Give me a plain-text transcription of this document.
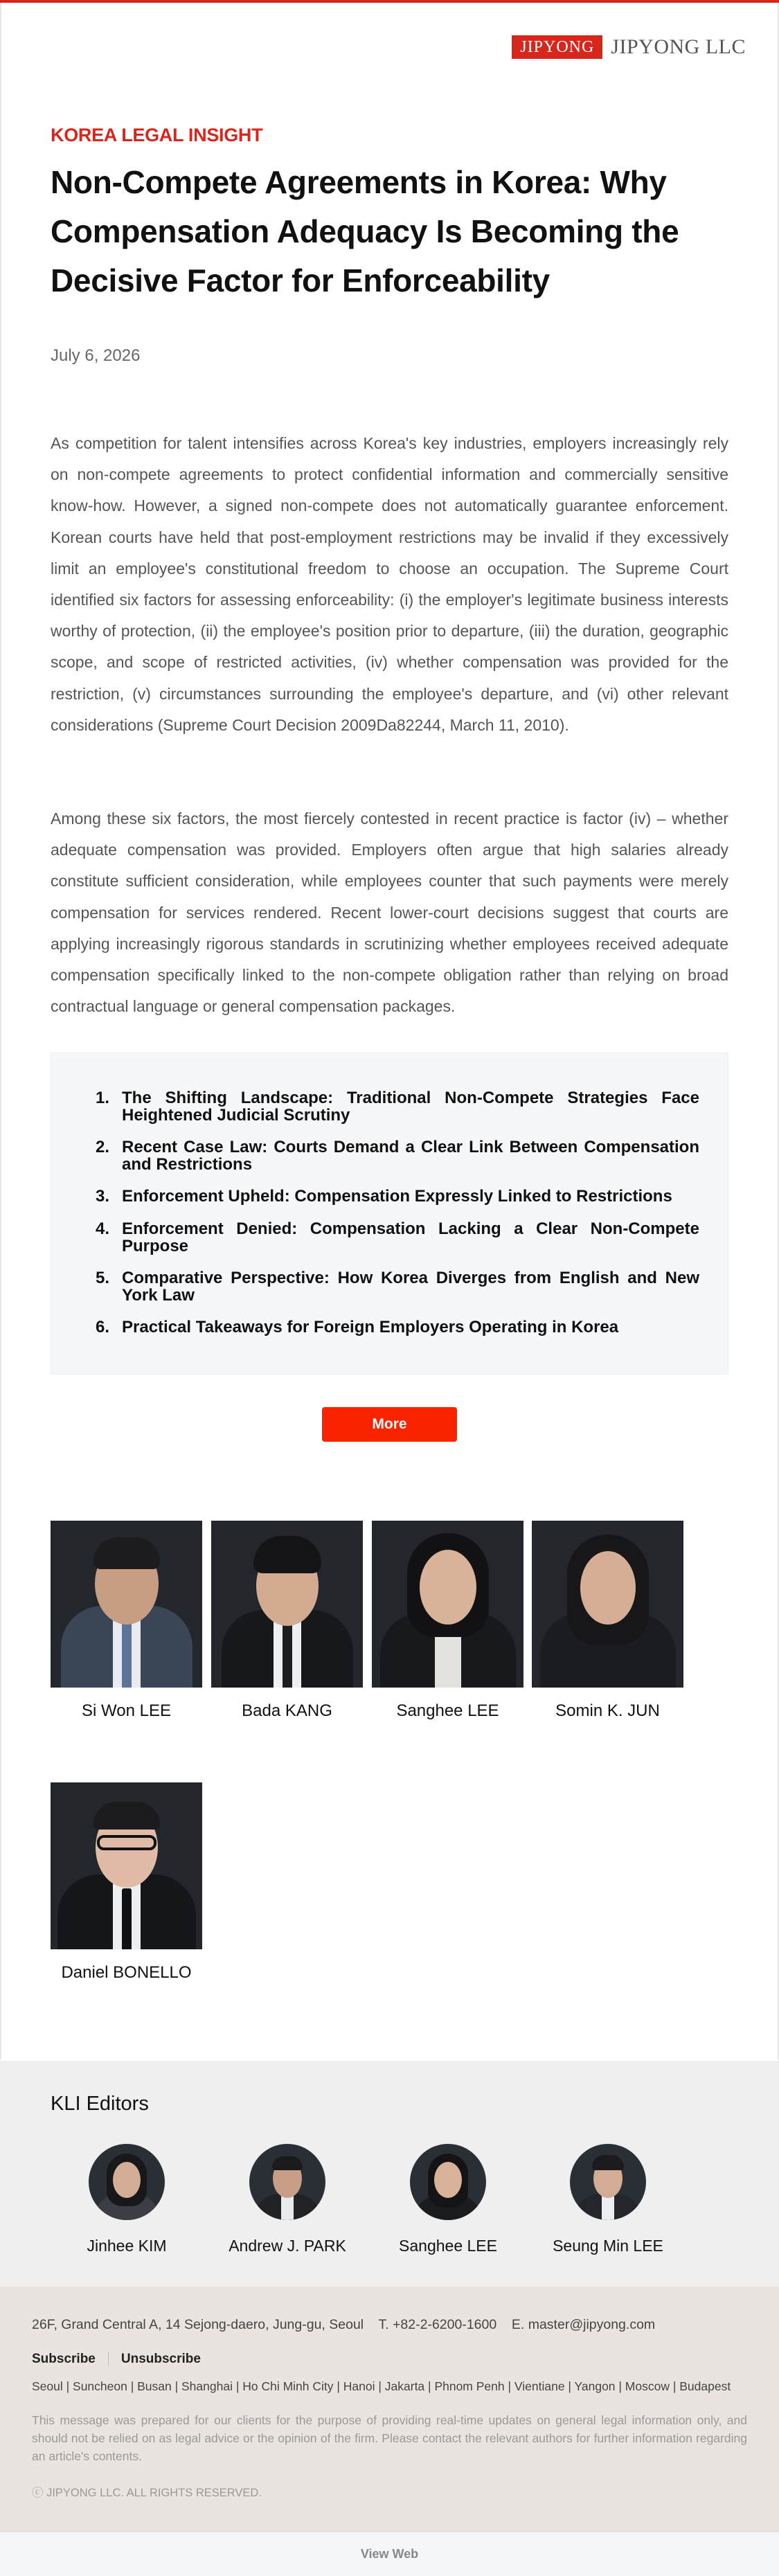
JIPYONG JIPYONG LLC
KOREA LEGAL INSIGHT
Non-Compete Agreements in Korea: Why Compensation Adequacy Is Becoming the Decisive Factor for Enforceability
July 6, 2026

As competition for talent intensifies across Korea's key industries, employers increasingly rely on non-compete agreements to protect confidential information and commercially sensitive know-how. However, a signed non-compete does not automatically guarantee enforcement. Korean courts have held that post-employment restrictions may be invalid if they excessively limit an employee's constitutional freedom to choose an occupation. The Supreme Court identified six factors for assessing enforceability: (i) the employer's legitimate business interests worthy of protection, (ii) the employee's position prior to departure, (iii) the duration, geographic scope, and scope of restricted activities, (iv) whether compensation was provided for the restriction, (v) circumstances surrounding the employee's departure, and (vi) other relevant considerations (Supreme Court Decision 2009Da82244, March 11, 2010).

Among these six factors, the most fiercely contested in recent practice is factor (iv) – whether adequate compensation was provided. Employers often argue that high salaries already constitute sufficient consideration, while employees counter that such payments were merely compensation for services rendered. Recent lower-court decisions suggest that courts are applying increasingly rigorous standards in scrutinizing whether employees received adequate compensation specifically linked to the non-compete obligation rather than relying on broad contractual language or general compensation packages.

1. The Shifting Landscape: Traditional Non-Compete Strategies Face Heightened Judicial Scrutiny
2. Recent Case Law: Courts Demand a Clear Link Between Compensation and Restrictions
3. Enforcement Upheld: Compensation Expressly Linked to Restrictions
4. Enforcement Denied: Compensation Lacking a Clear Non-Compete Purpose
5. Comparative Perspective: How Korea Diverges from English and New York Law
6. Practical Takeaways for Foreign Employers Operating in Korea
More
Si Won LEE	Bada KANG	Sanghee LEE	Somin K. JUN
Daniel BONELLO
KLI Editors
Jinhee KIM	Andrew J. PARK	Sanghee LEE	Seung Min LEE
26F, Grand Central A, 14 Sejong-daero, Jung-gu, Seoul    T. +82-2-6200-1600    E. master@jipyong.com
Subscribe	Unsubscribe
Seoul | Suncheon | Busan | Shanghai | Ho Chi Minh City | Hanoi | Jakarta | Phnom Penh | Vientiane | Yangon | Moscow | Budapest
This message was prepared for our clients for the purpose of providing real-time updates on general legal information only, and should not be relied on as legal advice or the opinion of the firm. Please contact the relevant authors for further information regarding an article's contents.
ⓒ JIPYONG LLC. ALL RIGHTS RESERVED.
View Web
